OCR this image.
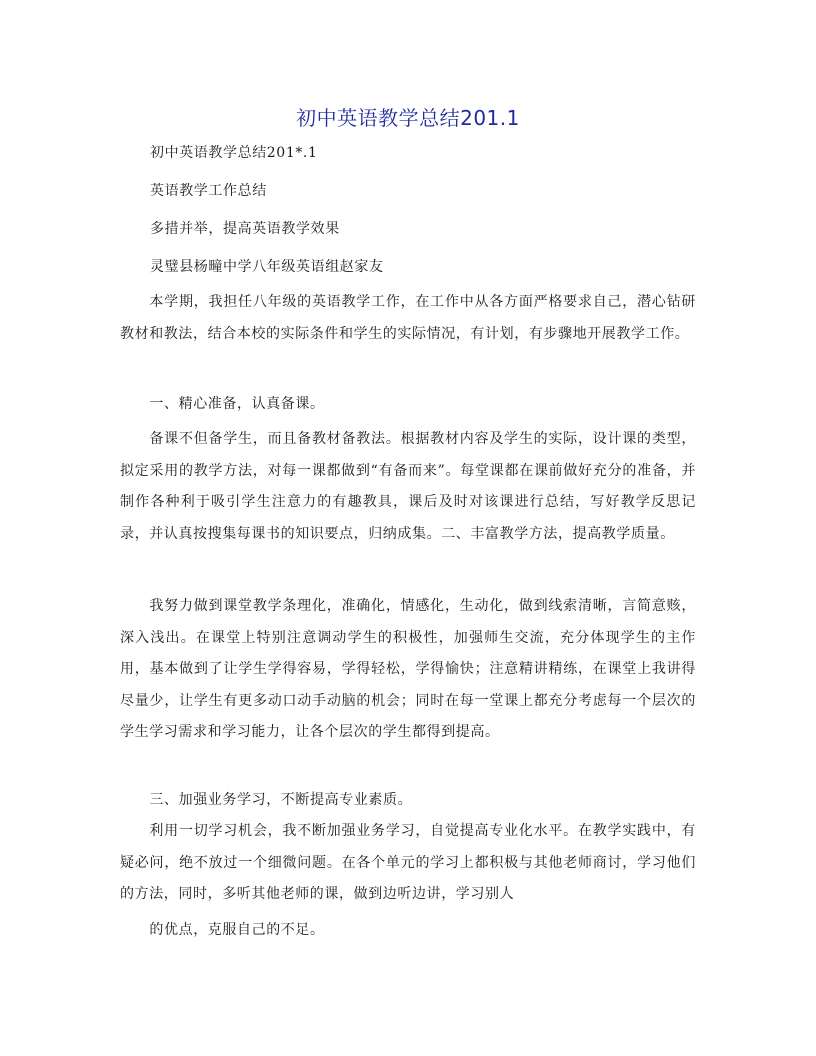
初中英语教学总结201.1
初中英语教学总结201*.1
英语教学工作总结
多措并举，提高英语教学效果
灵璧县杨疃中学八年级英语组赵家友
本学期，我担任八年级的英语教学工作，在工作中从各方面严格要求自己，潜心钻研教材和教法，结合本校的实际条件和学生的实际情况，有计划，有步骤地开展教学工作。
一、精心准备，认真备课。
备课不但备学生，而且备教材备教法。根据教材内容及学生的实际，设计课的类型，拟定采用的教学方法，对每一课都做到“有备而来”。每堂课都在课前做好充分的准备，并制作各种利于吸引学生注意力的有趣教具，课后及时对该课进行总结，写好教学反思记录，并认真按搜集每课书的知识要点，归纳成集。二、丰富教学方法，提高教学质量。
我努力做到课堂教学条理化，准确化，情感化，生动化，做到线索清晰，言简意赅，深入浅出。在课堂上特别注意调动学生的积极性，加强师生交流，充分体现学生的主作用，基本做到了让学生学得容易，学得轻松，学得愉快；注意精讲精练，在课堂上我讲得尽量少，让学生有更多动口动手动脑的机会；同时在每一堂课上都充分考虑每一个层次的学生学习需求和学习能力，让各个层次的学生都得到提高。
三、加强业务学习，不断提高专业素质。
利用一切学习机会，我不断加强业务学习，自觉提高专业化水平。在教学实践中，有疑必问，绝不放过一个细微问题。在各个单元的学习上都积极与其他老师商讨，学习他们的方法，同时，多听其他老师的课，做到边听边讲，学习别人
的优点，克服自己的不足。
